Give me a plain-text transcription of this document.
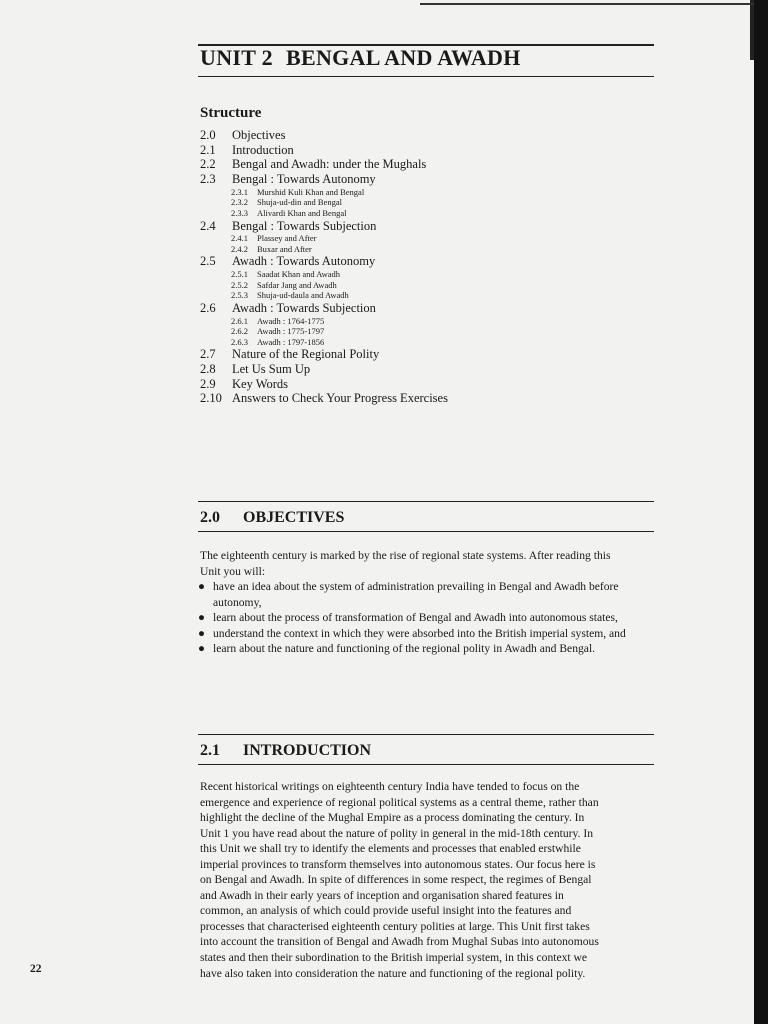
UNIT 2 BENGAL AND AWADH
Structure
2.0	Objectives
2.1	Introduction
2.2	Bengal and Awadh: under the Mughals
2.3	Bengal : Towards Autonomy
2.3.1	Murshid Kuli Khan and Bengal
2.3.2	Shuja-ud-din and Bengal
2.3.3	Alivardi Khan and Bengal
2.4	Bengal : Towards Subjection
2.4.1	Plassey and After
2.4.2	Buxar and After
2.5	Awadh : Towards Autonomy
2.5.1	Saadat Khan and Awadh
2.5.2	Safdar Jang and Awadh
2.5.3	Shuja-ud-daula and Awadh
2.6	Awadh : Towards Subjection
2.6.1	Awadh : 1764-1775
2.6.2	Awadh : 1775-1797
2.6.3	Awadh : 1797-1856
2.7	Nature of the Regional Polity
2.8	Let Us Sum Up
2.9	Key Words
2.10 Answers to Check Your Progress Exercises
2.0 OBJECTIVES
The eighteenth century is marked by the rise of regional state systems. After reading this Unit you will:
● have an idea about the system of administration prevailing in Bengal and Awadh before autonomy,
● learn about the process of transformation of Bengal and Awadh into autonomous states,
● understand the context in which they were absorbed into the British imperial system, and
● learn about the nature and functioning of the regional polity in Awadh and Bengal.
2.1 INTRODUCTION
Recent historical writings on eighteenth century India have tended to focus on the
emergence and experience of regional political systems as a central theme, rather than
highlight the decline of the Mughal Empire as a process dominating the century. In
Unit 1 you have read about the nature of polity in general in the mid-18th century. In
this Unit we shall try to identify the elements and processes that enabled erstwhile
imperial provinces to transform themselves into autonomous states. Our focus here is
on Bengal and Awadh. In spite of differences in some respect, the regimes of Bengal
and Awadh in their early years of inception and organisation shared features in
common, an analysis of which could provide useful insight into the features and
processes that characterised eighteenth century polities at large. This Unit first takes
into account the transition of Bengal and Awadh from Mughal Subas into autonomous
states and then their subordination to the British imperial system, in this context we
have also taken into consideration the nature and functioning of the regional polity.
22
